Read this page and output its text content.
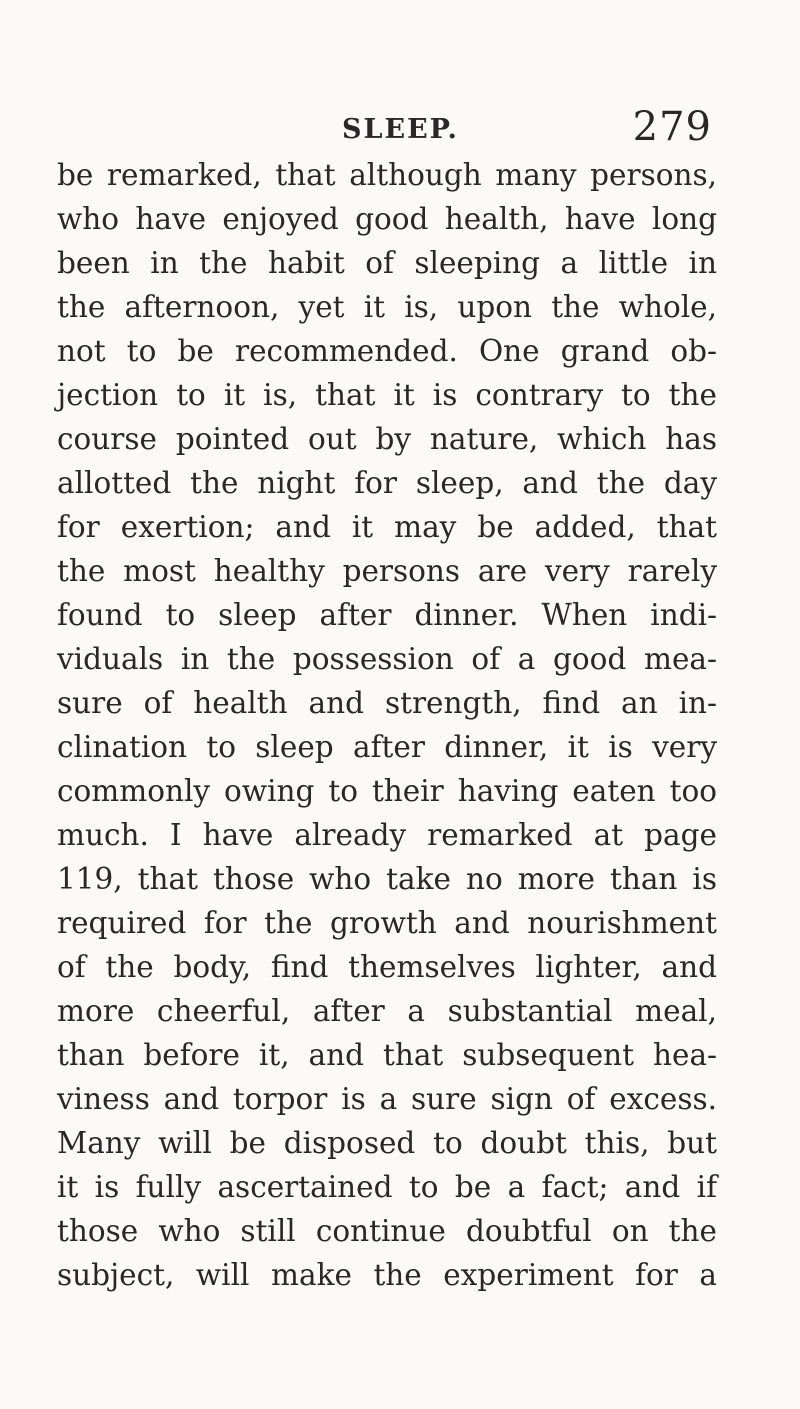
SLEEP.	279
be remarked, that although many persons,
who have enjoyed good health, have long
been in the habit of sleeping a little in
the afternoon, yet it is, upon the whole,
not to be recommended. One grand ob-
jection to it is, that it is contrary to the
course pointed out by nature, which has
allotted the night for sleep, and the day
for exertion; and it may be added, that
the most healthy persons are very rarely
found to sleep after dinner. When indi-
viduals in the possession of a good mea-
sure of health and strength, find an in-
clination to sleep after dinner, it is very
commonly owing to their having eaten too
much. I have already remarked at page
119, that those who take no more than is
required for the growth and nourishment
of the body, find themselves lighter, and
more cheerful, after a substantial meal,
than before it, and that subsequent hea-
viness and torpor is a sure sign of excess.
Many will be disposed to doubt this, but
it is fully ascertained to be a fact; and if
those who still continue doubtful on the
subject, will make the experiment for a
